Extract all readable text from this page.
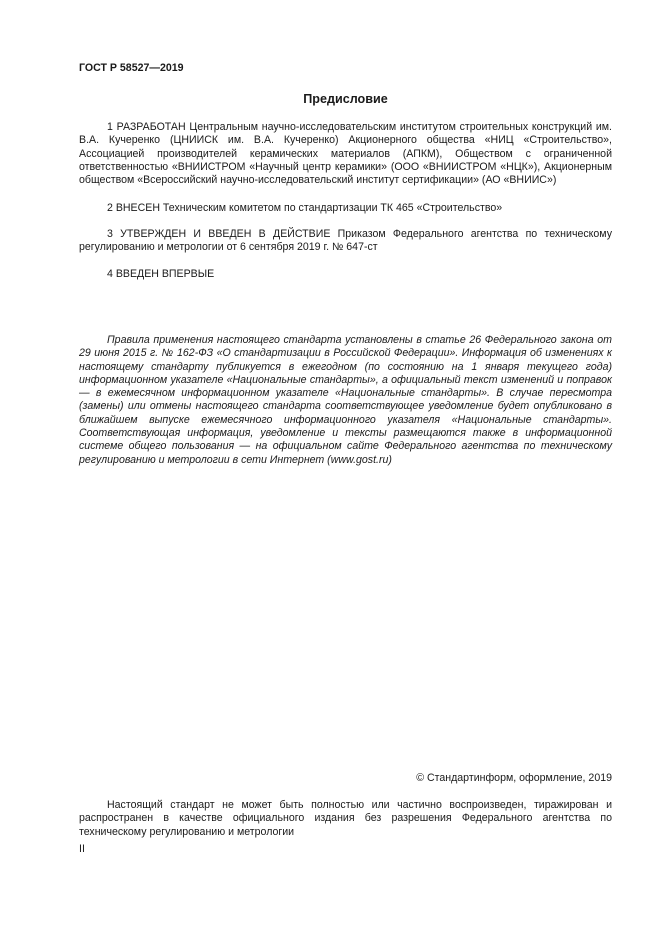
ГОСТ Р 58527—2019
Предисловие

1 РАЗРАБОТАН Центральным научно-исследовательским институтом строительных конструкций им. В.А. Кучеренко (ЦНИИСК им. В.А. Кучеренко) Акционерного общества «НИЦ «Строительство», Ассоциацией производителей керамических материалов (АПКМ), Обществом с ограниченной ответственностью «ВНИИСТРОМ «Научный центр керамики» (ООО «ВНИИСТРОМ «НЦК»), Акционерным обществом «Всероссийский научно-исследовательский институт сертификации» (АО «ВНИИС»)

2 ВНЕСЕН Техническим комитетом по стандартизации ТК 465 «Строительство»

3 УТВЕРЖДЕН И ВВЕДЕН В ДЕЙСТВИЕ Приказом Федерального агентства по техническому регулированию и метрологии от 6 сентября 2019 г. № 647-ст

4 ВВЕДЕН ВПЕРВЫЕ

Правила применения настоящего стандарта установлены в статье 26 Федерального закона от 29 июня 2015 г. № 162-ФЗ «О стандартизации в Российской Федерации». Информация об изменениях к настоящему стандарту публикуется в ежегодном (по состоянию на 1 января текущего года) информационном указателе «Национальные стандарты», а официальный текст изменений и поправок — в ежемесячном информационном указателе «Национальные стандарты». В случае пересмотра (замены) или отмены настоящего стандарта соответствующее уведомление будет опубликовано в ближайшем выпуске ежемесячного информационного указателя «Национальные стандарты». Соответствующая информация, уведомление и тексты размещаются также в информационной системе общего пользования — на официальном сайте Федерального агентства по техническому регулированию и метрологии в сети Интернет (www.gost.ru)

© Стандартинформ, оформление, 2019

Настоящий стандарт не может быть полностью или частично воспроизведен, тиражирован и распространен в качестве официального издания без разрешения Федерального агентства по техническому регулированию и метрологии

II
